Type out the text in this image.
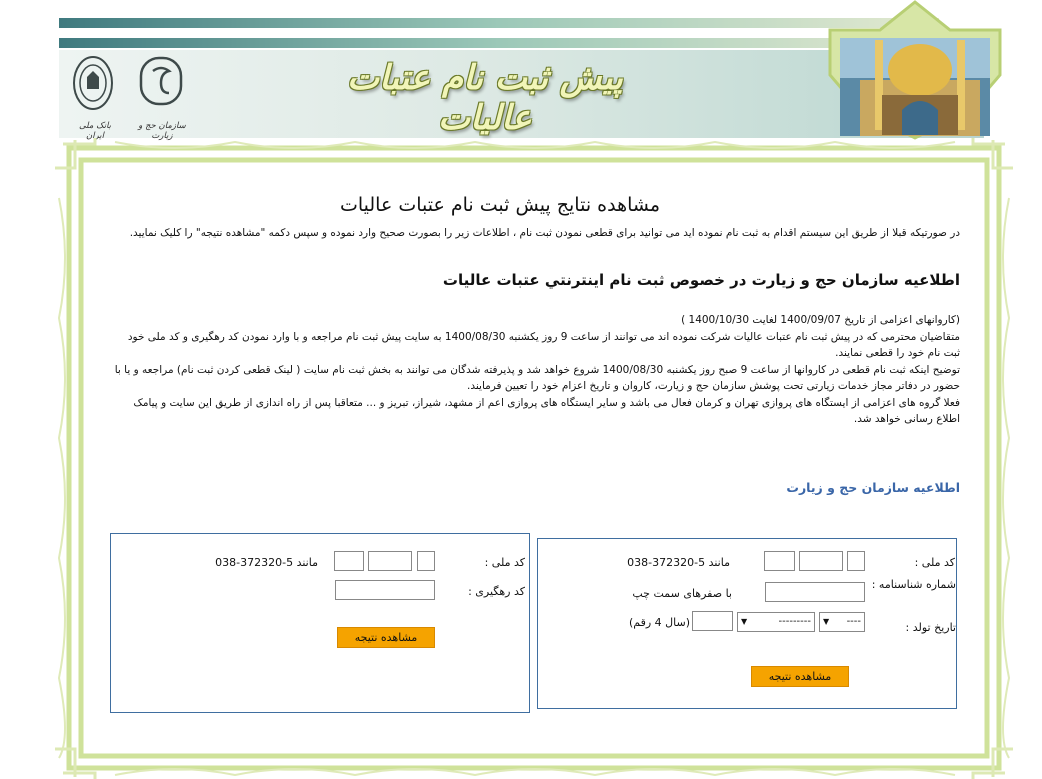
پیش ثبت نام عتبات عالیات
سازمان حج و زیارت
بانک ملی ایران
مشاهده نتایج پیش ثبت نام عتبات عالیات
در صورتیکه قبلا از طریق این سیستم اقدام به ثبت نام نموده اید می توانید برای قطعی نمودن ثبت نام ، اطلاعات زیر را بصورت صحیح وارد نموده و سپس دکمه "مشاهده نتیجه" را کلیک نمایید.
اطلاعیه سازمان حج و زیارت در خصوص ثبت نام اینترنتي عتبات عالیات
(کاروانهای اعزامی از تاریخ 1400/09/07 لغایت 1400/10/30 )
متقاضیان محترمی که در پیش ثبت نام عتبات عالیات شرکت نموده اند می توانند از ساعت 9 روز یکشنبه 1400/08/30 به سایت پیش ثبت نام مراجعه و با وارد نمودن کد رهگیری و کد ملی خود ثبت نام خود را قطعی نمایند.
توضیح اینکه ثبت نام قطعی در کاروانها از ساعت 9 صبح روز یکشنبه 1400/08/30 شروع خواهد شد و پذیرفته شدگان می توانند به بخش ثبت نام سایت ( لینک قطعی کردن ثبت نام) مراجعه و یا با حضور در دفاتر مجاز خدمات زیارتی تحت پوشش سازمان حج و زیارت، کاروان و تاریخ اعزام خود را تعیین فرمایند.
فعلا گروه های اعزامی از ایستگاه های پروازی تهران و کرمان فعال می باشد و سایر ایستگاه های پروازی اعم از مشهد، شیراز، تبریز و ... متعاقبا پس از راه اندازی از طریق این سایت و پیامک اطلاع رسانی خواهد شد.
اطلاعیه سازمان حج و زیارت
کد ملی :
مانند 5-372320-038
شماره شناسنامه :
با صفرهای سمت چپ
تاریخ تولد :
▼ ----
▼	---------
(سال 4 رقم)
مشاهده نتیجه
کد ملی :
مانند 5-372320-038
کد رهگیری :
مشاهده نتیجه
